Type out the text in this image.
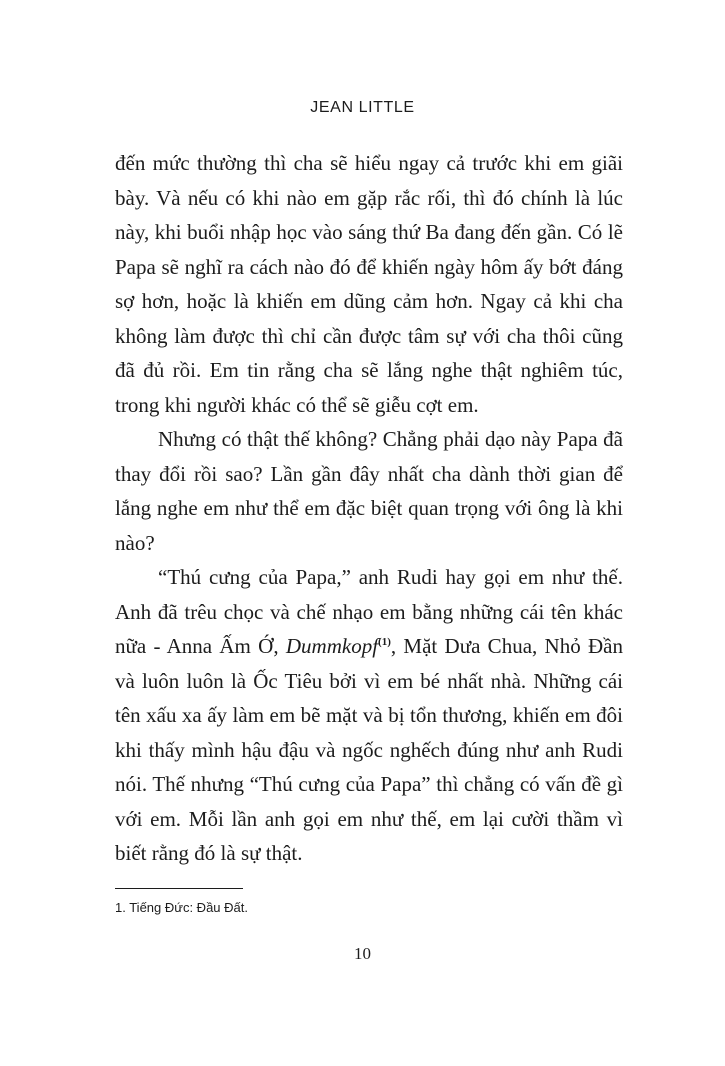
JEAN LITTLE

đến mức thường thì cha sẽ hiểu ngay cả trước khi em giãi bày. Và nếu có khi nào em gặp rắc rối, thì đó chính là lúc này, khi buổi nhập học vào sáng thứ Ba đang đến gần. Có lẽ Papa sẽ nghĩ ra cách nào đó để khiến ngày hôm ấy bớt đáng sợ hơn, hoặc là khiến em dũng cảm hơn. Ngay cả khi cha không làm được thì chỉ cần được tâm sự với cha thôi cũng đã đủ rồi. Em tin rằng cha sẽ lắng nghe thật nghiêm túc, trong khi người khác có thể sẽ giễu cợt em.

Nhưng có thật thế không? Chẳng phải dạo này Papa đã thay đổi rồi sao? Lần gần đây nhất cha dành thời gian để lắng nghe em như thể em đặc biệt quan trọng với ông là khi nào?

“Thú cưng của Papa,” anh Rudi hay gọi em như thế. Anh đã trêu chọc và chế nhạo em bằng những cái tên khác nữa - Anna Ấm Ớ, Dummkopf$^{(1)}$, Mặt Dưa Chua, Nhỏ Đần và luôn luôn là Ốc Tiêu bởi vì em bé nhất nhà. Những cái tên xấu xa ấy làm em bẽ mặt và bị tổn thương, khiến em đôi khi thấy mình hậu đậu và ngốc nghếch đúng như anh Rudi nói. Thế nhưng “Thú cưng của Papa” thì chẳng có vấn đề gì với em. Mỗi lần anh gọi em như thế, em lại cười thầm vì biết rằng đó là sự thật.

1. Tiếng Đức: Đầu Đất.
10
